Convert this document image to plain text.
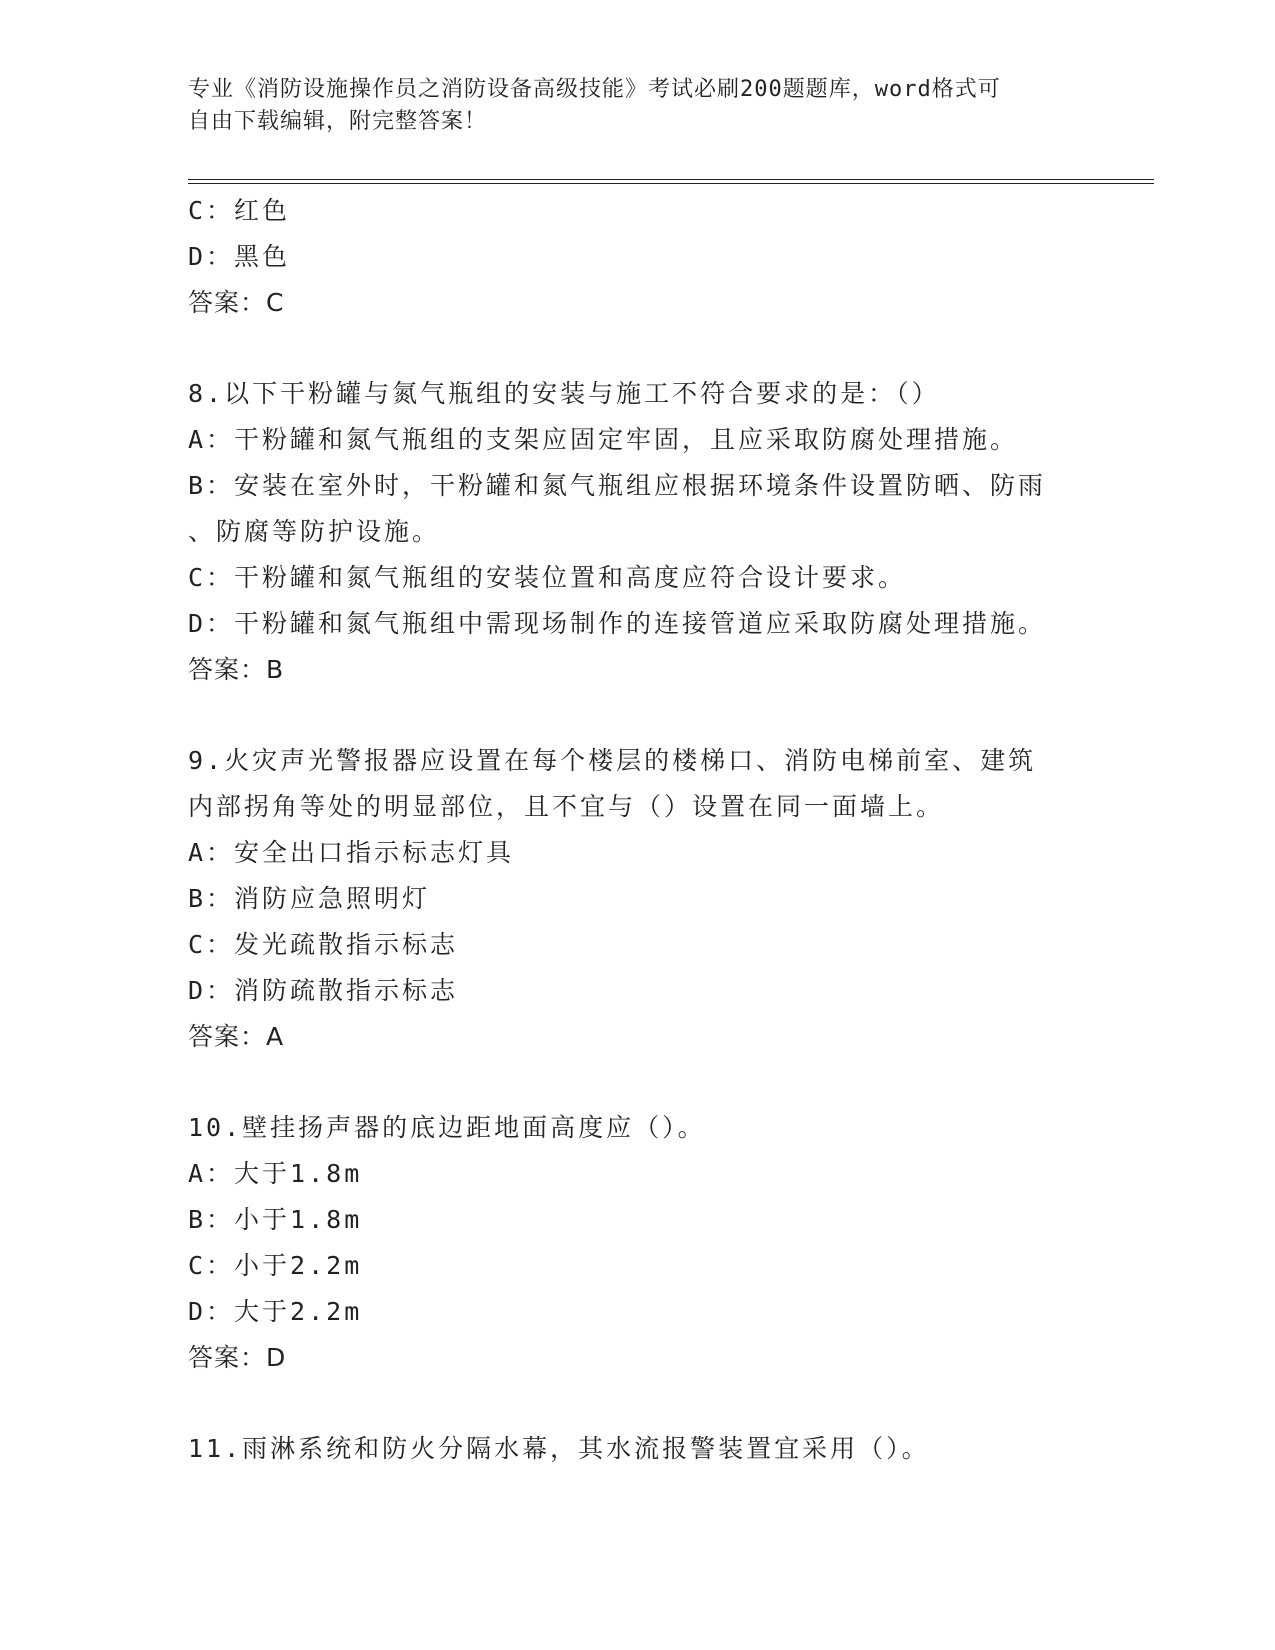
专业《消防设施操作员之消防设备高级技能》考试必刷200题题库，word格式可

自由下载编辑，附完整答案！

C：红色
D：黑色
答案：C
8.以下干粉罐与氮气瓶组的安装与施工不符合要求的是：（）
A：干粉罐和氮气瓶组的支架应固定牢固，且应采取防腐处理措施。
B：安装在室外时，干粉罐和氮气瓶组应根据环境条件设置防晒、防雨
、防腐等防护设施。
C：干粉罐和氮气瓶组的安装位置和高度应符合设计要求。
D：干粉罐和氮气瓶组中需现场制作的连接管道应采取防腐处理措施。
答案：B
9.火灾声光警报器应设置在每个楼层的楼梯口、消防电梯前室、建筑
内部拐角等处的明显部位，且不宜与（）设置在同一面墙上。
A：安全出口指示标志灯具
B：消防应急照明灯
C：发光疏散指示标志
D：消防疏散指示标志
答案：A
10.壁挂扬声器的底边距地面高度应（）。
A：大于1.8m
B：小于1.8m
C：小于2.2m
D：大于2.2m
答案：D
11.雨淋系统和防火分隔水幕，其水流报警装置宜采用（）。
